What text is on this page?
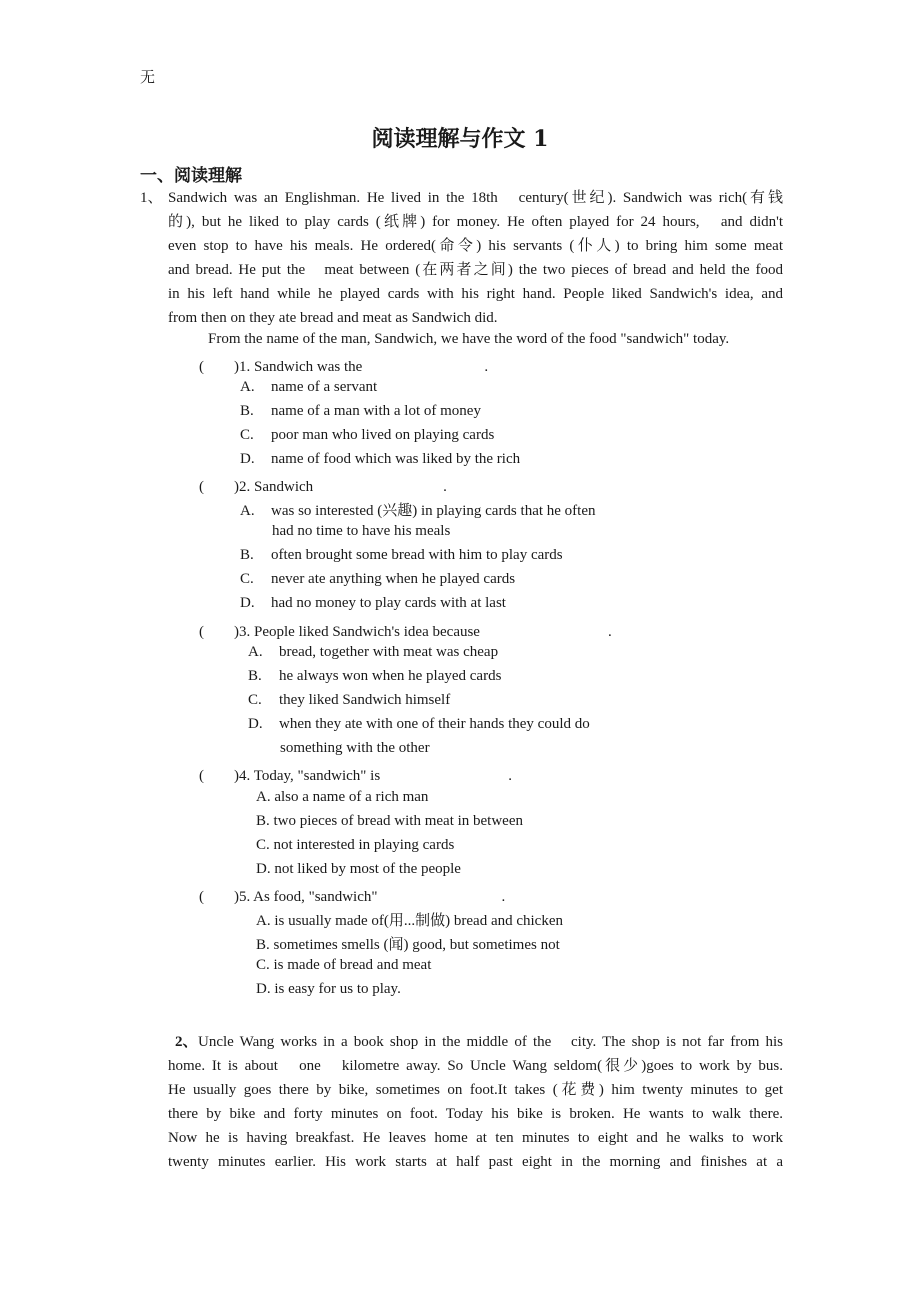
无
阅读理解与作文 1
一、阅读理解
1、 Sandwich was an Englishman. He lived in the 18th　century(世纪). Sandwich was rich(有钱
的), but he liked to play cards (纸牌) for money. He often played for 24 hours,　and didn't
even stop to have his meals. He ordered(命令) his servants (仆人) to bring him some meat
and bread. He put the　meat between (在两者之间) the two pieces of bread and held the food
in his left hand while he played cards with his right hand. People liked Sandwich's idea, and
from then on they ate bread and meat as Sandwich did.
From the name of the man, Sandwich, we have the word of the food "sandwich" today.
(　　)1. Sandwich was the	.
A. name of a servant
B. name of a man with a lot of money
C. poor man who lived on playing cards
D. name of food which was liked by the rich
(　　)2. Sandwich	.
A. was so interested (兴趣) in playing cards that he often
had no time to have his meals
B. often brought some bread with him to play cards
C. never ate anything when he played cards
D. had no money to play cards with at last
(　　)3. People liked Sandwich's idea because	.
A. bread, together with meat was cheap
B. he always won when he played cards
C. they liked Sandwich himself
D. when they ate with one of their hands they could do
something with the other
(　　)4. Today, "sandwich" is	.
A. also a name of a rich man
B. two pieces of bread with meat in between
C. not interested in playing cards
D. not liked by most of the people
(　　)5. As food, "sandwich"	.
A. is usually made of(用...制做) bread and chicken
B. sometimes smells (闻) good, but sometimes not
C. is made of bread and meat
D. is easy for us to play.
2、 Uncle Wang works in a book shop in the middle of the　city. The shop is not far from his
home. It is about　one　kilometre away. So Uncle Wang seldom(很少)goes to work by bus.
He usually goes there by bike, sometimes on foot.It takes (花费) him twenty minutes to get
there by bike and forty minutes on foot. Today his bike is broken. He wants to walk there.
Now he is having breakfast. He leaves home at ten minutes to eight and he walks to work
twenty minutes earlier. His work starts at half past eight in the morning and finishes at a
